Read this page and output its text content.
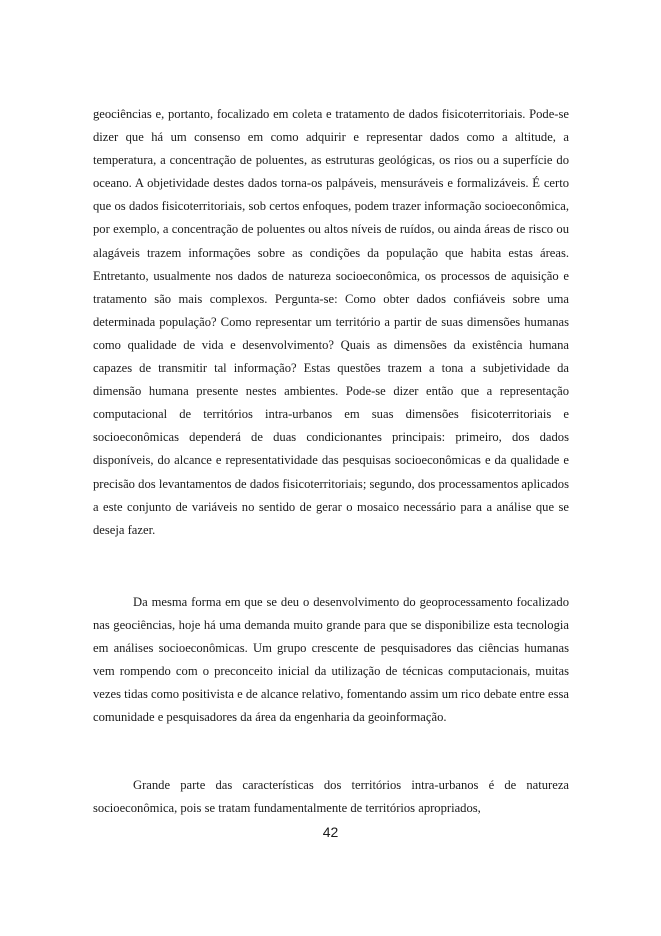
geociências e, portanto, focalizado em coleta e tratamento de dados fisicoterritoriais. Pode-se dizer que há um consenso em como adquirir e representar dados como a altitude, a temperatura, a concentração de poluentes, as estruturas geológicas, os rios ou a superfície do oceano. A objetividade destes dados torna-os palpáveis, mensuráveis e formalizáveis. É certo que os dados fisicoterritoriais, sob certos enfoques, podem trazer informação socioeconômica, por exemplo, a concentração de poluentes ou altos níveis de ruídos, ou ainda áreas de risco ou alagáveis trazem informações sobre as condições da população que habita estas áreas. Entretanto, usualmente nos dados de natureza socioeconômica, os processos de aquisição e tratamento são mais complexos. Pergunta-se: Como obter dados confiáveis sobre uma determinada população? Como representar um território a partir de suas dimensões humanas como qualidade de vida e desenvolvimento? Quais as dimensões da existência humana capazes de transmitir tal informação? Estas questões trazem a tona a subjetividade da dimensão humana presente nestes ambientes. Pode-se dizer então que a representação computacional de territórios intra-urbanos em suas dimensões fisicoterritoriais e socioeconômicas dependerá de duas condicionantes principais: primeiro, dos dados disponíveis, do alcance e representatividade das pesquisas socioeconômicas e da qualidade e precisão dos levantamentos de dados fisicoterritoriais; segundo, dos processamentos aplicados a este conjunto de variáveis no sentido de gerar o mosaico necessário para a análise que se deseja fazer.

Da mesma forma em que se deu o desenvolvimento do geoprocessamento focalizado nas geociências, hoje há uma demanda muito grande para que se disponibilize esta tecnologia em análises socioeconômicas. Um grupo crescente de pesquisadores das ciências humanas vem rompendo com o preconceito inicial da utilização de técnicas computacionais, muitas vezes tidas como positivista e de alcance relativo, fomentando assim um rico debate entre essa comunidade e pesquisadores da área da engenharia da geoinformação.

Grande parte das características dos territórios intra-urbanos é de natureza socioeconômica, pois se tratam fundamentalmente de territórios apropriados,

42
